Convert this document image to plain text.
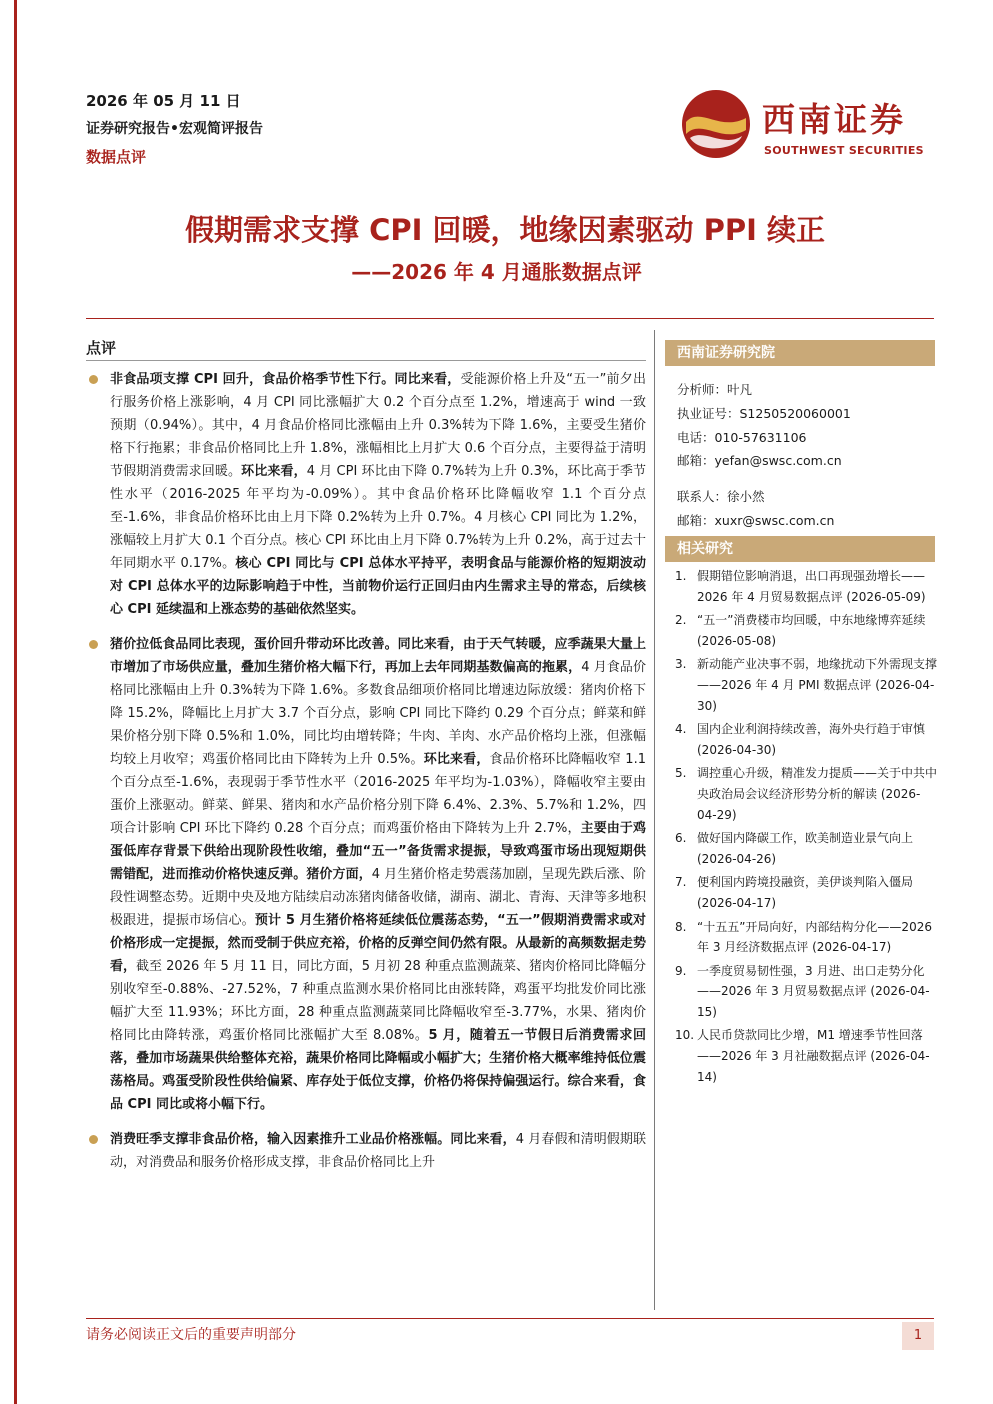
2026 年 05 月 11 日
证券研究报告•宏观简评报告
数据点评
西南证券
SOUTHWEST SECURITIES
假期需求支撑 CPI 回暖，地缘因素驱动 PPI 续正
——2026 年 4 月通胀数据点评
点评
非食品项支撑 CPI 回升，食品价格季节性下行。同比来看，受能源价格上升及“五一”前夕出行服务价格上涨影响，4 月 CPI 同比涨幅扩大 0.2 个百分点至 1.2%，增速高于 wind 一致预期（0.94%）。其中，4 月食品价格同比涨幅由上升 0.3%转为下降 1.6%，主要受生猪价格下行拖累；非食品价格同比上升 1.8%，涨幅相比上月扩大 0.6 个百分点，主要得益于清明节假期消费需求回暖。环比来看，4 月 CPI 环比由下降 0.7%转为上升 0.3%，环比高于季节性水平（2016-2025 年平均为-0.09%）。其中食品价格环比降幅收窄 1.1 个百分点至-1.6%，非食品价格环比由上月下降 0.2%转为上升 0.7%。4 月核心 CPI 同比为 1.2%，涨幅较上月扩大 0.1 个百分点。核心 CPI 环比由上月下降 0.7%转为上升 0.2%，高于过去十年同期水平 0.17%。核心 CPI 同比与 CPI 总体水平持平，表明食品与能源价格的短期波动对 CPI 总体水平的边际影响趋于中性，当前物价运行正回归由内生需求主导的常态，后续核心 CPI 延续温和上涨态势的基础依然坚实。
猪价拉低食品同比表现，蛋价回升带动环比改善。同比来看，由于天气转暖，应季蔬果大量上市增加了市场供应量，叠加生猪价格大幅下行，再加上去年同期基数偏高的拖累，4 月食品价格同比涨幅由上升 0.3%转为下降 1.6%。多数食品细项价格同比增速边际放缓：猪肉价格下降 15.2%，降幅比上月扩大 3.7 个百分点，影响 CPI 同比下降约 0.29 个百分点；鲜菜和鲜果价格分别下降 0.5%和 1.0%，同比均由增转降；牛肉、羊肉、水产品价格均上涨，但涨幅均较上月收窄；鸡蛋价格同比由下降转为上升 0.5%。环比来看，食品价格环比降幅收窄 1.1 个百分点至-1.6%，表现弱于季节性水平（2016-2025 年平均为-1.03%），降幅收窄主要由蛋价上涨驱动。鲜菜、鲜果、猪肉和水产品价格分别下降 6.4%、2.3%、5.7%和 1.2%，四项合计影响 CPI 环比下降约 0.28 个百分点；而鸡蛋价格由下降转为上升 2.7%，主要由于鸡蛋低库存背景下供给出现阶段性收缩，叠加“五一”备货需求提振，导致鸡蛋市场出现短期供需错配，进而推动价格快速反弹。猪价方面，4 月生猪价格走势震荡加剧，呈现先跌后涨、阶段性调整态势。近期中央及地方陆续启动冻猪肉储备收储，湖南、湖北、青海、天津等多地积极跟进，提振市场信心。预计 5 月生猪价格将延续低位震荡态势，“五一”假期消费需求或对价格形成一定提振，然而受制于供应充裕，价格的反弹空间仍然有限。从最新的高频数据走势看，截至 2026 年 5 月 11 日，同比方面，5 月初 28 种重点监测蔬菜、猪肉价格同比降幅分别收窄至-0.88%、-27.52%，7 种重点监测水果价格同比由涨转降，鸡蛋平均批发价同比涨幅扩大至 11.93%；环比方面，28 种重点监测蔬菜同比降幅收窄至-3.77%，水果、猪肉价格同比由降转涨，鸡蛋价格同比涨幅扩大至 8.08%。5 月，随着五一节假日后消费需求回落，叠加市场蔬果供给整体充裕，蔬果价格同比降幅或小幅扩大；生猪价格大概率维持低位震荡格局。鸡蛋受阶段性供给偏紧、库存处于低位支撑，价格仍将保持偏强运行。综合来看，食品 CPI 同比或将小幅下行。
消费旺季支撑非食品价格，输入因素推升工业品价格涨幅。同比来看，4 月春假和清明假期联动，对消费品和服务价格形成支撑，非食品价格同比上升
西南证券研究院
分析师：叶凡
执业证号：S1250520060001
电话：010-57631106
邮箱：yefan@swsc.com.cn
联系人：徐小然
邮箱：xuxr@swsc.com.cn
相关研究
1. 假期错位影响消退，出口再现强劲增长——2026 年 4 月贸易数据点评 (2026-05-09)
2. “五一”消费楼市均回暖，中东地缘博弈延续 (2026-05-08)
3. 新动能产业决事不弱，地缘扰动下外需现支撑——2026 年 4 月 PMI 数据点评 (2026-04-30)
4. 国内企业利润持续改善，海外央行趋于审慎 (2026-04-30)
5. 调控重心升级，精准发力提质——关于中共中央政治局会议经济形势分析的解读 (2026-04-29)
6. 做好国内降碳工作，欧美制造业景气向上 (2026-04-26)
7. 便利国内跨境投融资，美伊谈判陷入僵局 (2026-04-17)
8. “十五五”开局向好，内部结构分化——2026 年 3 月经济数据点评 (2026-04-17)
9. 一季度贸易韧性强，3 月进、出口走势分化——2026 年 3 月贸易数据点评 (2026-04-15)
10. 人民币贷款同比少增，M1 增速季节性回落——2026 年 3 月社融数据点评 (2026-04-14)
请务必阅读正文后的重要声明部分	1
